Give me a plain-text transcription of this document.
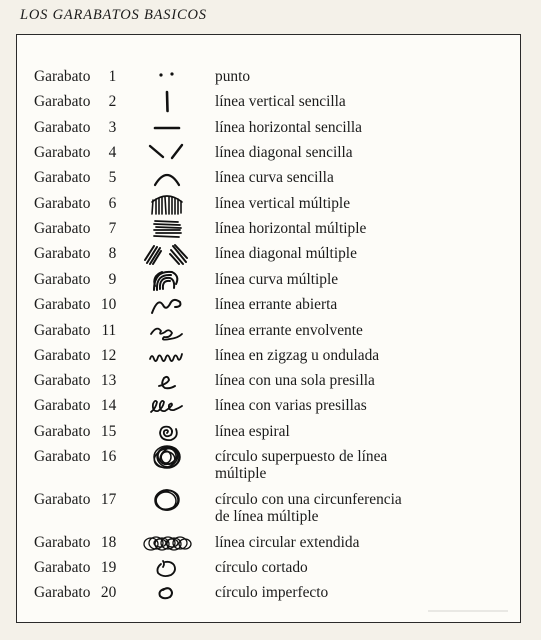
LOS GARABATOS BASICOS
Garabato 1	punto
Garabato 2	línea vertical sencilla
Garabato 3	línea horizontal sencilla
Garabato 4	línea diagonal sencilla
Garabato 5	línea curva sencilla
Garabato 6	línea vertical múltiple
Garabato 7	línea horizontal múltiple
Garabato 8	línea diagonal múltiple
Garabato 9	línea curva múltiple
Garabato 10	línea errante abierta
Garabato 11	línea errante envolvente
Garabato 12	línea en zigzag u ondulada
Garabato 13	línea con una sola presilla
Garabato 14	línea con varias presillas
Garabato 15	línea espiral
Garabato 16	círculo superpuesto de línea
múltiple
Garabato 17	círculo con una circunferencia
de línea múltiple
Garabato 18	línea circular extendida
Garabato 19	círculo cortado
Garabato 20	círculo imperfecto
